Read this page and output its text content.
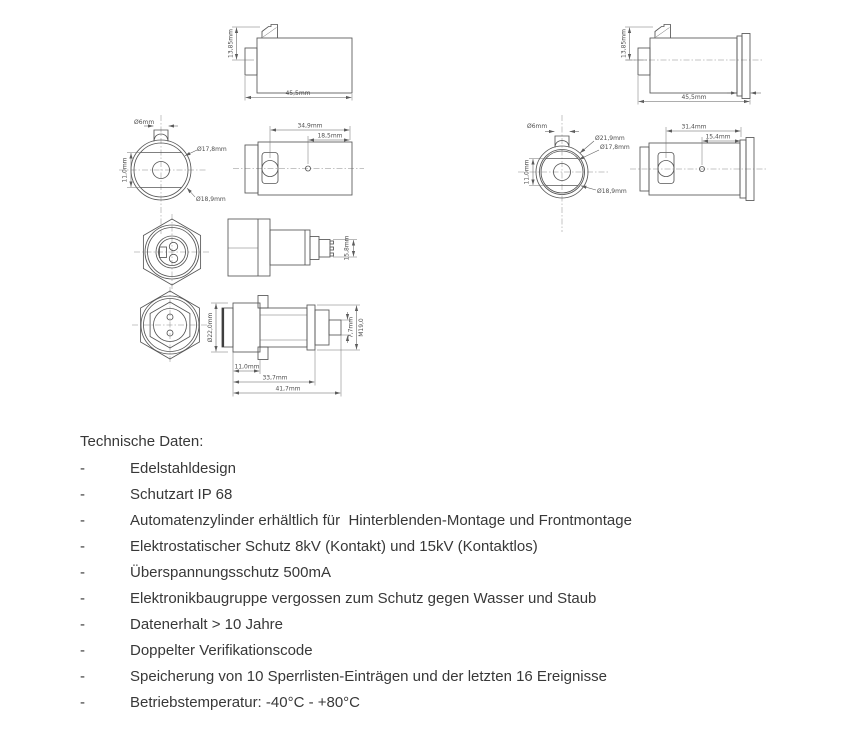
13,85mm
45,5mm
13,85mm
45,5mm
Ø6mm
Ø17,8mm
Ø18,9mm
11,0mm
34,9mm
18,5mm
Ø6mm
Ø21,9mm
Ø17,8mm
Ø18,9mm
11,0mm
31,4mm
15,4mm
15,8mm
Ø22,0mm	7,7mm M19,0
11,0mm
33,7mm
41,7mm
Technische Daten:
-	Edelstahldesign
-	Schutzart IP 68
-	Automatenzylinder erhältlich für  Hinterblenden-Montage und Frontmontage
-	Elektrostatischer Schutz 8kV (Kontakt) und 15kV (Kontaktlos)
-	Überspannungsschutz 500mA
-	Elektronikbaugruppe vergossen zum Schutz gegen Wasser und Staub
-	Datenerhalt > 10 Jahre
-	Doppelter Verifikationscode
-	Speicherung von 10 Sperrlisten-Einträgen und der letzten 16 Ereignisse
-	Betriebstemperatur: -40°C - +80°C
